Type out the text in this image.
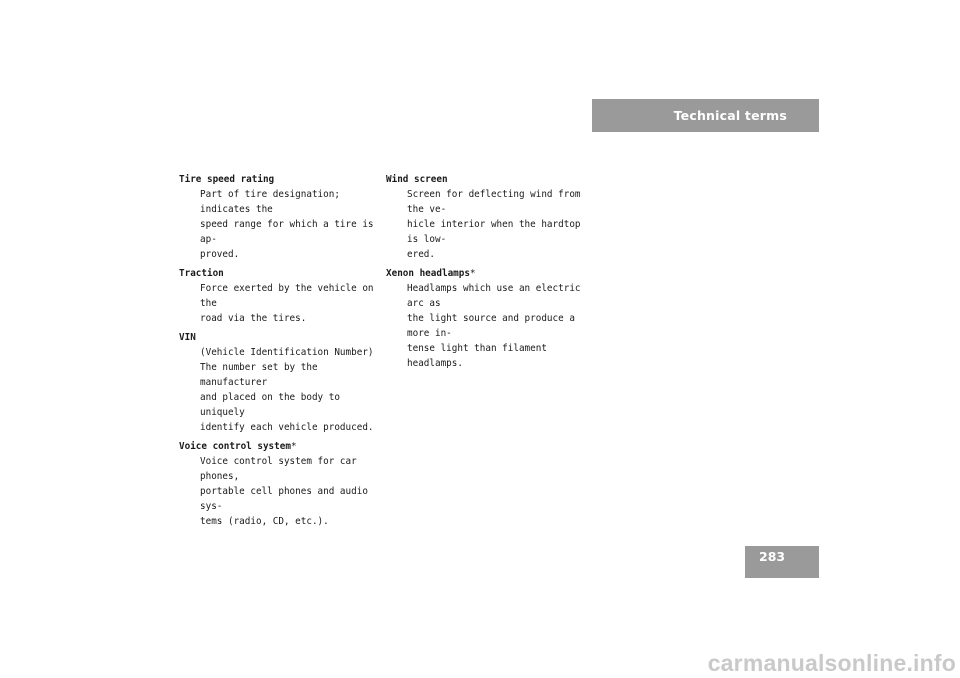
Technical terms
Tire speed rating
Part of tire designation; indicates the
speed range for which a tire is ap-
proved.
Traction
Force exerted by the vehicle on the
road via the tires.
VIN
(Vehicle Identification Number)
The number set by the manufacturer
and placed on the body to uniquely
identify each vehicle produced.
Voice control system*
Voice control system for car phones,
portable cell phones and audio sys-
tems (radio, CD, etc.).
Wind screen
Screen for deflecting wind from the ve-
hicle interior when the hardtop is low-
ered.
Xenon headlamps*
Headlamps which use an electric arc as
the light source and produce a more in-
tense light than filament headlamps.
283
carmanualsonline.info
